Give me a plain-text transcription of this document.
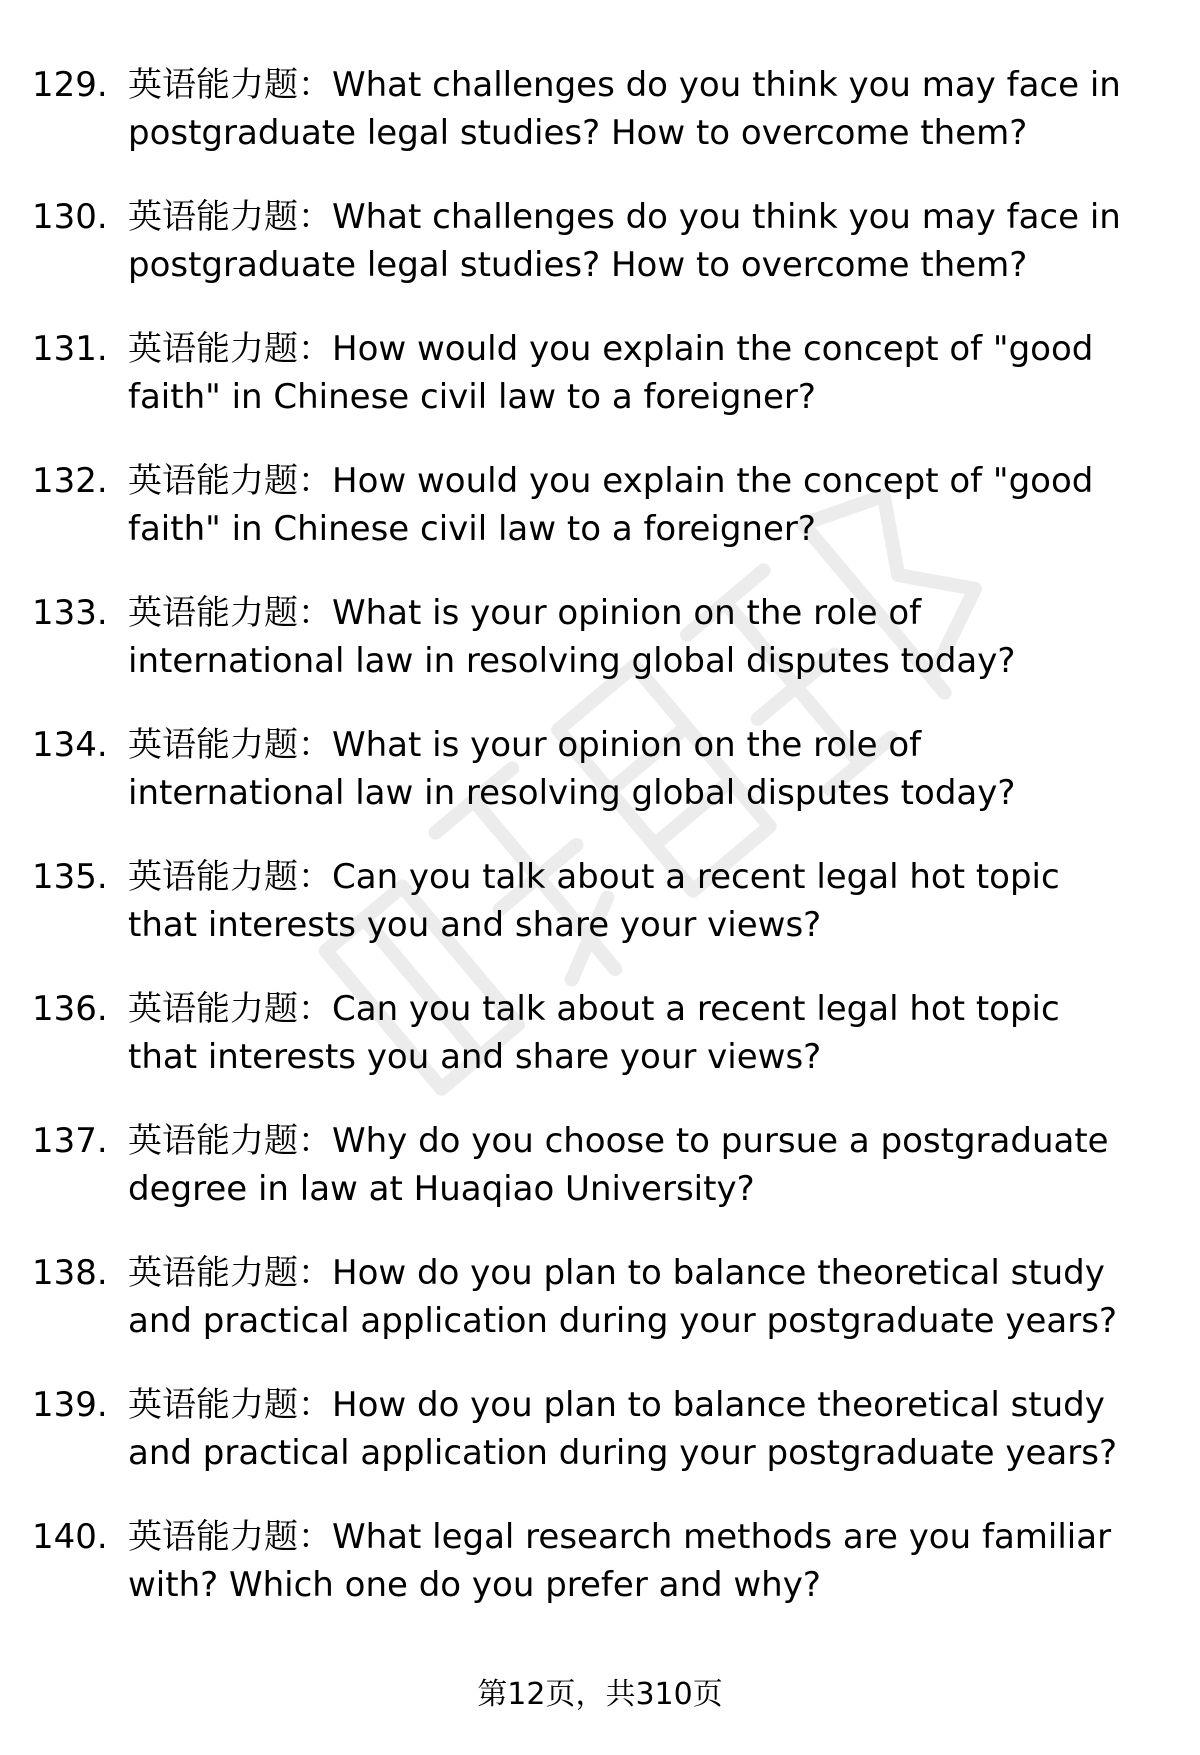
129. 英语能力题：What challenges do you think you may face in postgraduate legal studies? How to overcome them?
130. 英语能力题：What challenges do you think you may face in postgraduate legal studies? How to overcome them?
131. 英语能力题：How would you explain the concept of "good faith" in Chinese civil law to a foreigner?
132. 英语能力题：How would you explain the concept of "good faith" in Chinese civil law to a foreigner?
133. 英语能力题：What is your opinion on the role of international law in resolving global disputes today?
134. 英语能力题：What is your opinion on the role of international law in resolving global disputes today?
135. 英语能力题：Can you talk about a recent legal hot topic that interests you and share your views?
136. 英语能力题：Can you talk about a recent legal hot topic that interests you and share your views?
137. 英语能力题：Why do you choose to pursue a postgraduate degree in law at Huaqiao University?
138. 英语能力题：How do you plan to balance theoretical study and practical application during your postgraduate years?
139. 英语能力题：How do you plan to balance theoretical study and practical application during your postgraduate years?
140. 英语能力题：What legal research methods are you familiar with? Which one do you prefer and why?
第12页，共310页
